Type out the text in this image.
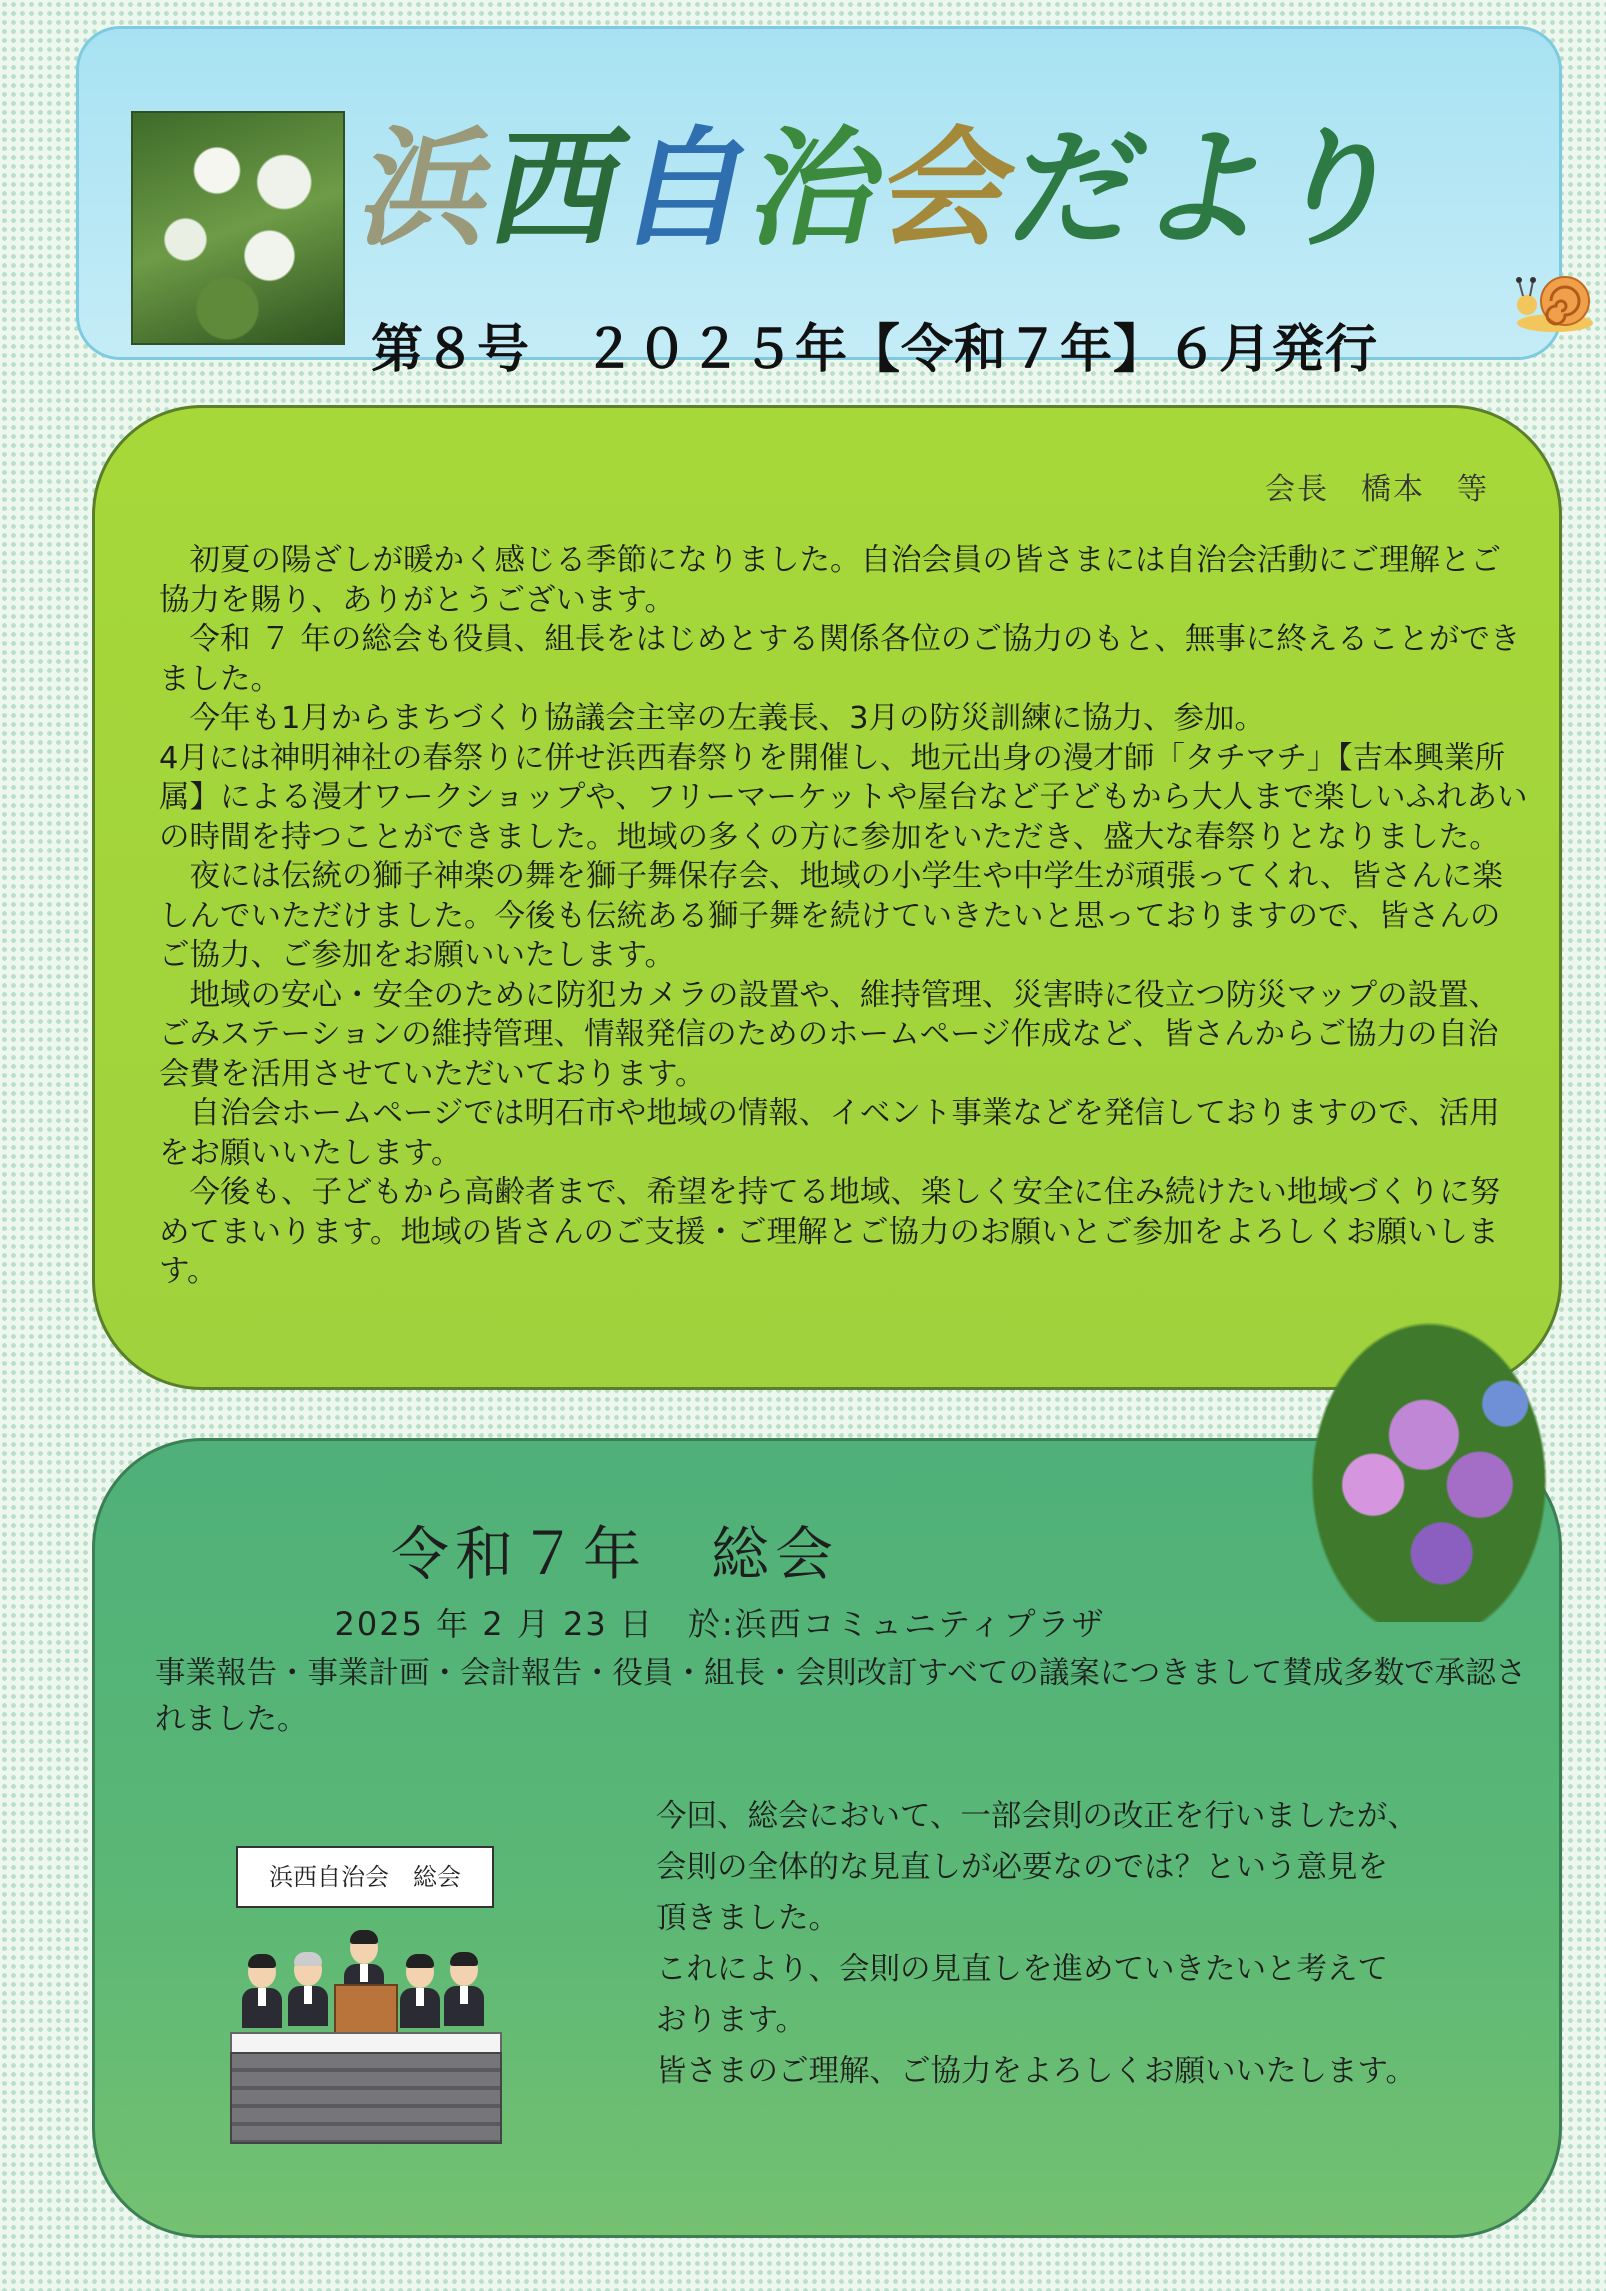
浜西自治会だより
第８号　２０２５年【令和７年】６月発行
会長　橋本　等

初夏の陽ざしが暖かく感じる季節になりました。自治会員の皆さまには自治会活動にご理解とご協力を賜り、ありがとうございます。

令和 ７ 年の総会も役員、組長をはじめとする関係各位のご協力のもと、無事に終えることができました。

今年も1月からまちづくり協議会主宰の左義長、3月の防災訓練に協力、参加。

4月には神明神社の春祭りに併せ浜西春祭りを開催し、地元出身の漫才師「タチマチ」【吉本興業所属】による漫才ワークショップや、フリーマーケットや屋台など子どもから大人まで楽しいふれあいの時間を持つことができました。地域の多くの方に参加をいただき、盛大な春祭りとなりました。

夜には伝統の獅子神楽の舞を獅子舞保存会、地域の小学生や中学生が頑張ってくれ、皆さんに楽しんでいただけました。今後も伝統ある獅子舞を続けていきたいと思っておりますので、皆さんのご協力、ご参加をお願いいたします。

地域の安心・安全のために防犯カメラの設置や、維持管理、災害時に役立つ防災マップの設置、ごみステーションの維持管理、情報発信のためのホームページ作成など、皆さんからご協力の自治会費を活用させていただいております。

自治会ホームページでは明石市や地域の情報、イベント事業などを発信しておりますので、活用をお願いいたします。

今後も、子どもから高齢者まで、希望を持てる地域、楽しく安全に住み続けたい地域づくりに努めてまいります。地域の皆さんのご支援・ご理解とご協力のお願いとご参加をよろしくお願いします。

令和７年　総会
2025 年 2 月 23 日　於:浜西コミュニティプラザ
事業報告・事業計画・会計報告・役員・組長・会則改訂すべての議案につきまして賛成多数で承認されました。
浜西自治会　総会

今回、総会において、一部会則の改正を行いましたが、

会則の全体的な見直しが必要なのでは？という意見を

頂きました。

これにより、会則の見直しを進めていきたいと考えて

おります。

皆さまのご理解、ご協力をよろしくお願いいたします。
